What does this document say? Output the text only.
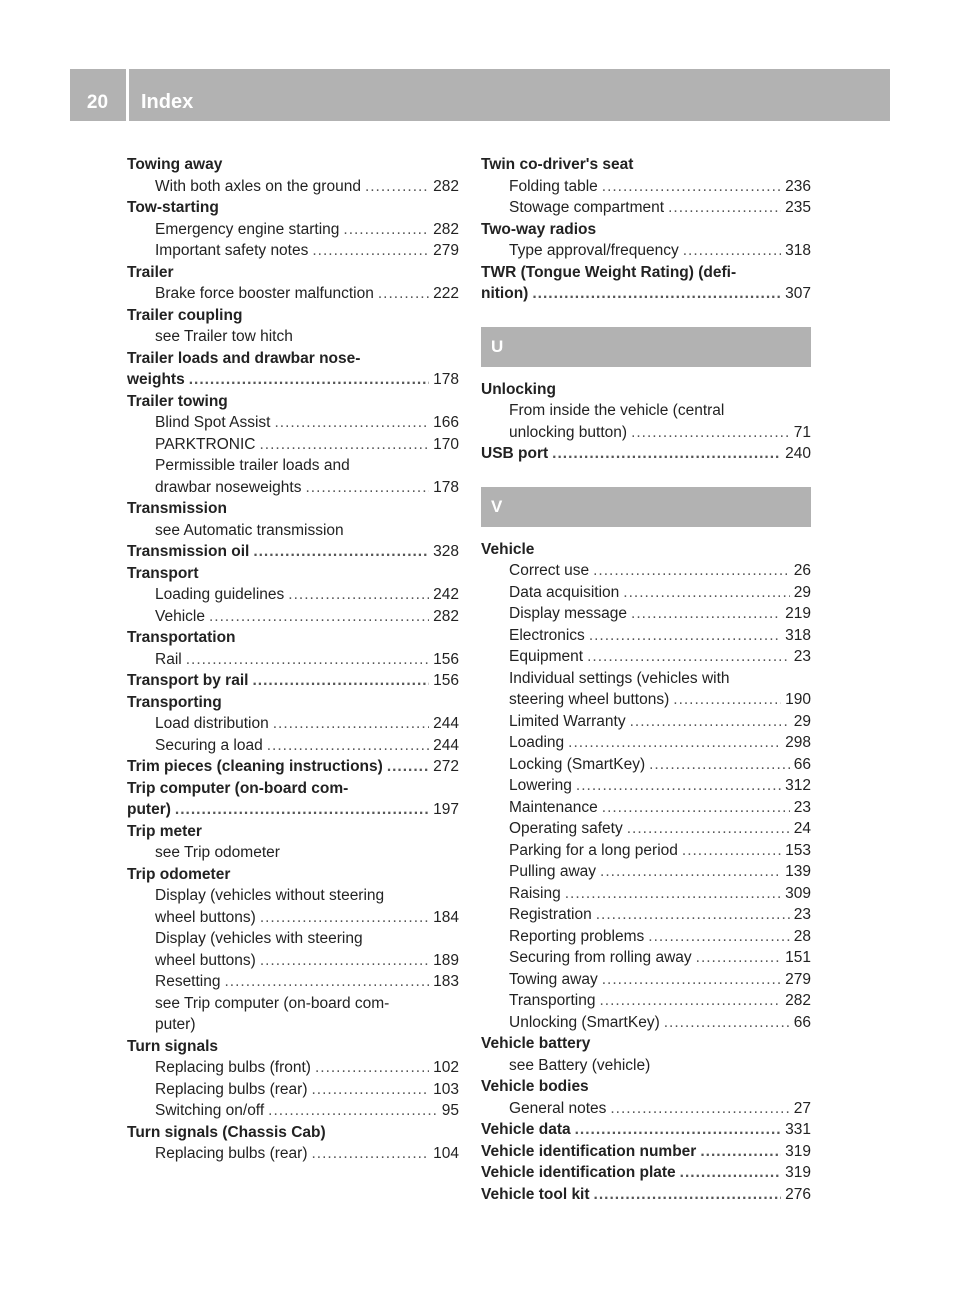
20	Index
Towing away
With both axles on the ground .....	282
Tow-starting
Emergency engine starting .....	282
Important safety notes .....	279
Trailer
Brake force booster malfunction .....	222
Trailer coupling
see Trailer tow hitch
Trailer loads and drawbar nose-
weights .....	178
Trailer towing
Blind Spot Assist .....	166
PARKTRONIC .....	170
Permissible trailer loads and
drawbar noseweights .....	178
Transmission
see Automatic transmission
Transmission oil .....	328
Transport
Loading guidelines .....	242
Vehicle .....	282
Transportation
Rail .....	156
Transport by rail .....	156
Transporting
Load distribution .....	244
Securing a load .....	244
Trim pieces (cleaning instructions) .....	272
Trip computer (on-board com-
puter) .....	197
Trip meter
see Trip odometer
Trip odometer
Display (vehicles without steering
wheel buttons) .....	184
Display (vehicles with steering
wheel buttons) .....	189
Resetting .....	183
see Trip computer (on-board com-
puter)
Turn signals
Replacing bulbs (front) .....	102
Replacing bulbs (rear) .....	103
Switching on/off .....	95
Turn signals (Chassis Cab)
Replacing bulbs (rear) .....	104
Twin co-driver's seat
Folding table .....	236
Stowage compartment .....	235
Two-way radios
Type approval/frequency .....	318
TWR (Tongue Weight Rating) (defi-
nition) .....	307
U
Unlocking
From inside the vehicle (central
unlocking button) .....	71
USB port .....	240
V
Vehicle
Correct use .....	26
Data acquisition .....	29
Display message .....	219
Electronics .....	318
Equipment .....	23
Individual settings (vehicles with
steering wheel buttons) .....	190
Limited Warranty .....	29
Loading .....	298
Locking (SmartKey) .....	66
Lowering .....	312
Maintenance .....	23
Operating safety .....	24
Parking for a long period .....	153
Pulling away .....	139
Raising .....	309
Registration .....	23
Reporting problems .....	28
Securing from rolling away .....	151
Towing away .....	279
Transporting .....	282
Unlocking (SmartKey) .....	66
Vehicle battery
see Battery (vehicle)
Vehicle bodies
General notes .....	27
Vehicle data .....	331
Vehicle identification number .....	319
Vehicle identification plate .....	319
Vehicle tool kit .....	276
